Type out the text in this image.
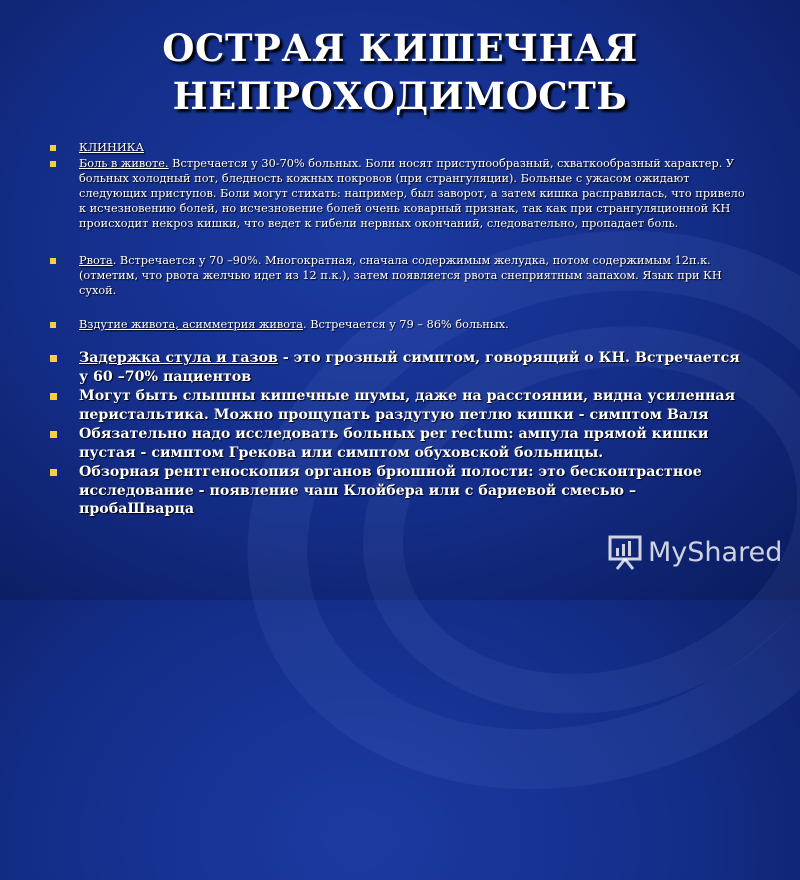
ОСТРАЯ КИШЕЧНАЯ
НЕПРОХОДИМОСТЬ
КЛИНИКА
Боль в животе. Встречается у 30-70% больных. Боли носят приступообразный, схваткообразный характер. У больных холодный пот, бледность кожных покровов (при странгуляции). Больные с ужасом ожидают следующих приступов. Боли могут стихать: например, был заворот, а затем кишка расправилась, что привело к исчезновению болей, но исчезновение болей очень коварный признак, так как при странгуляционной КН происходит некроз кишки, что ведет к гибели нервных окончаний, следовательно, пропадает боль.
Рвота. Встречается у 70 –90%. Многократная, сначала содержимым желудка, потом содержимым 12п.к. (отметим, что рвота желчью идет из 12 п.к.), затем появляется рвота снеприятным запахом. Язык при КН сухой.
Вздутие живота, асимметрия живота. Встречается у 79 – 86% больных.
Задержка стула и газов - это грозный симптом, говорящий о КН. Встречается у 60 –70% пациентов
Могут быть слышны кишечные шумы, даже на расстоянии, видна усиленная перистальтика. Можно прощупать раздутую петлю кишки - симптом Валя
Обязательно надо исследовать больных per rectum: ампула прямой кишки пустая - симптом Грекова или симптом обуховской больницы.
Обзорная рентгеноскопия органов брюшной полости: это бесконтрастное исследование - появление чаш Клойбера или с бариевой смесью – пробаШварца
MyShared
